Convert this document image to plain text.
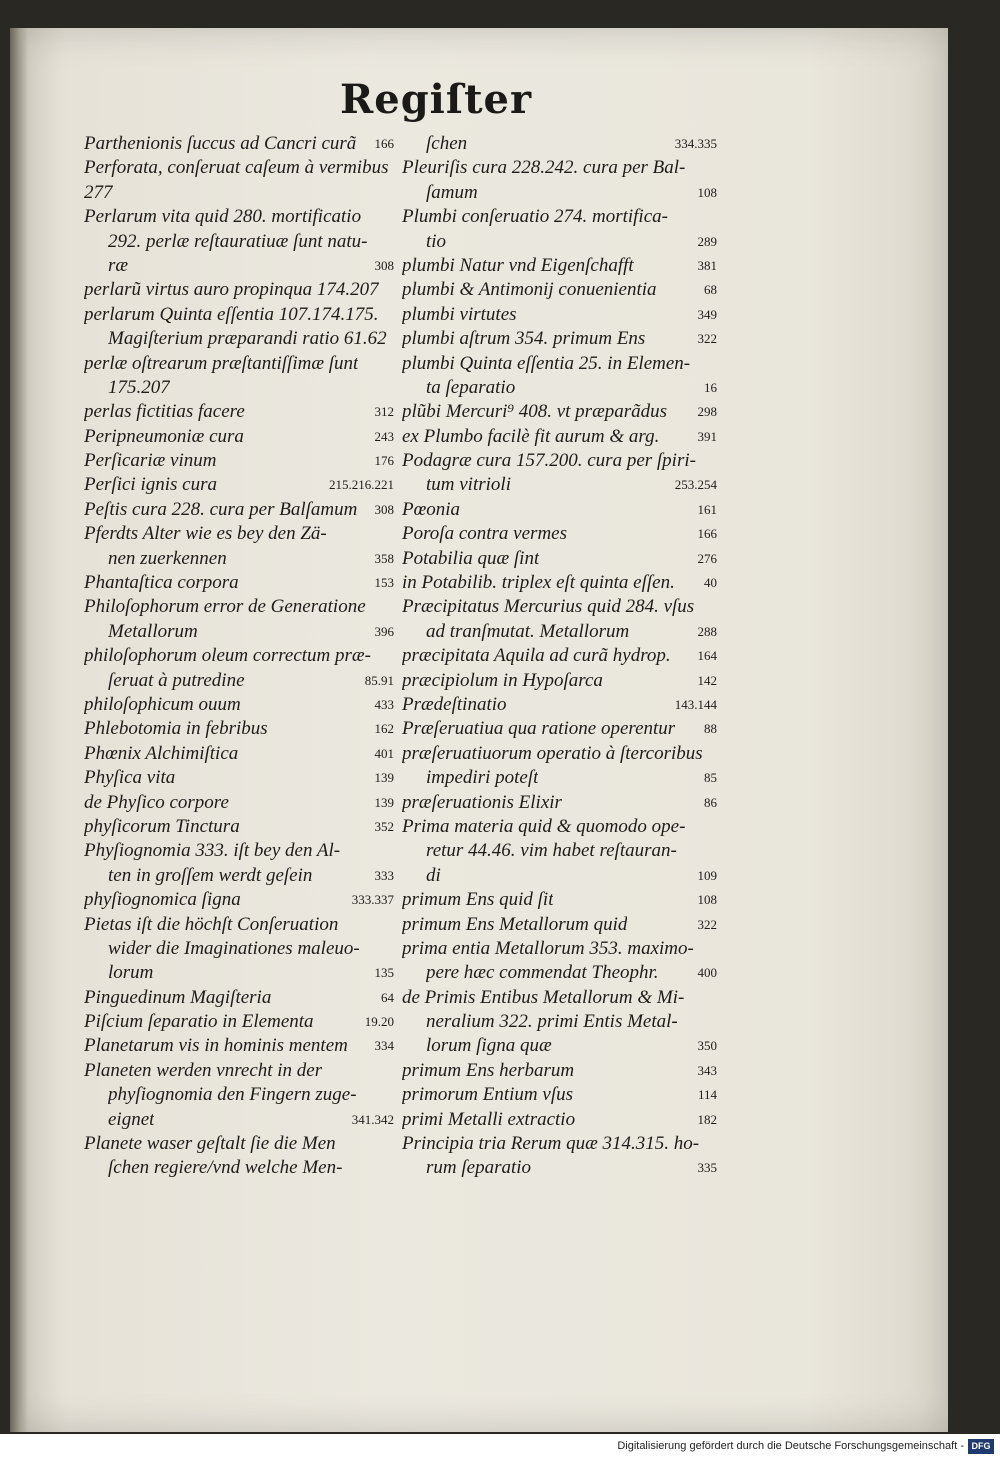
Regiſter
Parthenionis ſuccus ad Cancri curã	166
Perforata, conſeruat caſeum à vermibus
277
Perlarum vita quid 280. mortificatio
292. perlæ reſtauratiuæ ſunt natu-
ræ	308
perlarũ virtus auro propinqua 174.207
perlarum Quinta eſſentia 107.174.175.
Magiſterium præparandi ratio 61.62
perlæ oſtrearum præſtantiſſimæ ſunt
175.207
perlas fictitias facere	312
Peripneumoniæ cura	243
Perſicariæ vinum	176
Perſici ignis cura	215.216.221
Peſtis cura 228. cura per Balſamum	308
Pferdts Alter wie es bey den Zä-
nen zuerkennen	358
Phantaſtica corpora	153
Philoſophorum error de Generatione
Metallorum	396
philoſophorum oleum correctum præ-
ſeruat à putredine	85.91
philoſophicum ouum	433
Phlebotomia in febribus	162
Phœnix Alchimiſtica	401
Phyſica vita	139
de Phyſico corpore	139
phyſicorum Tinctura	352
Phyſiognomia 333. iſt bey den Al-
ten in groſſem werdt geſein	333
phyſiognomica ſigna	333.337
Pietas iſt die höchſt Conſeruation
wider die Imaginationes maleuo-
lorum	135
Pinguedinum Magiſteria	64
Piſcium ſeparatio in Elementa	19.20
Planetarum vis in hominis mentem	334
Planeten werden vnrecht in der
phyſiognomia den Fingern zuge-
eignet	341.342
Planete waser geſtalt ſie die Men
ſchen regiere/vnd welche Men-
ſchen	334.335
Pleuriſis cura 228.242. cura per Bal-
ſamum	108
Plumbi conſeruatio 274. mortifica-
tio	289
plumbi Natur vnd Eigenſchafft	381
plumbi & Antimonij conuenientia	68
plumbi virtutes	349
plumbi aſtrum 354. primum Ens	322
plumbi Quinta eſſentia 25. in Elemen-
ta ſeparatio	16
plũbi Mercuri⁹ 408. vt præparãdus	298
ex Plumbo facilè fit aurum & arg.	391
Podagræ cura 157.200. cura per ſpiri-
tum vitrioli	253.254
Pœonia	161
Poroſa contra vermes	166
Potabilia quæ ſint	276
in Potabilib. triplex eſt quinta eſſen.	40
Præcipitatus Mercurius quid 284. vſus
ad tranſmutat. Metallorum	288
præcipitata Aquila ad curã hydrop.	164
præcipiolum in Hypoſarca	142
Prædeſtinatio	143.144
Præſeruatiua qua ratione operentur	88
præſeruatiuorum operatio à ſtercoribus
impediri poteſt	85
præſeruationis Elixir	86
Prima materia quid & quomodo ope-
retur 44.46. vim habet reſtauran-
di	109
primum Ens quid ſit	108
primum Ens Metallorum quid	322
prima entia Metallorum 353. maximo-
pere hæc commendat Theophr.	400
de Primis Entibus Metallorum & Mi-
neralium 322. primi Entis Metal-
lorum ſigna quæ	350
primum Ens herbarum	343
primorum Entium vſus	114
primi Metalli extractio	182
Principia tria Rerum quæ 314.315. ho-
rum ſeparatio	335
Digitalisierung gefördert durch die Deutsche Forschungsgemeinschaft - DFG
